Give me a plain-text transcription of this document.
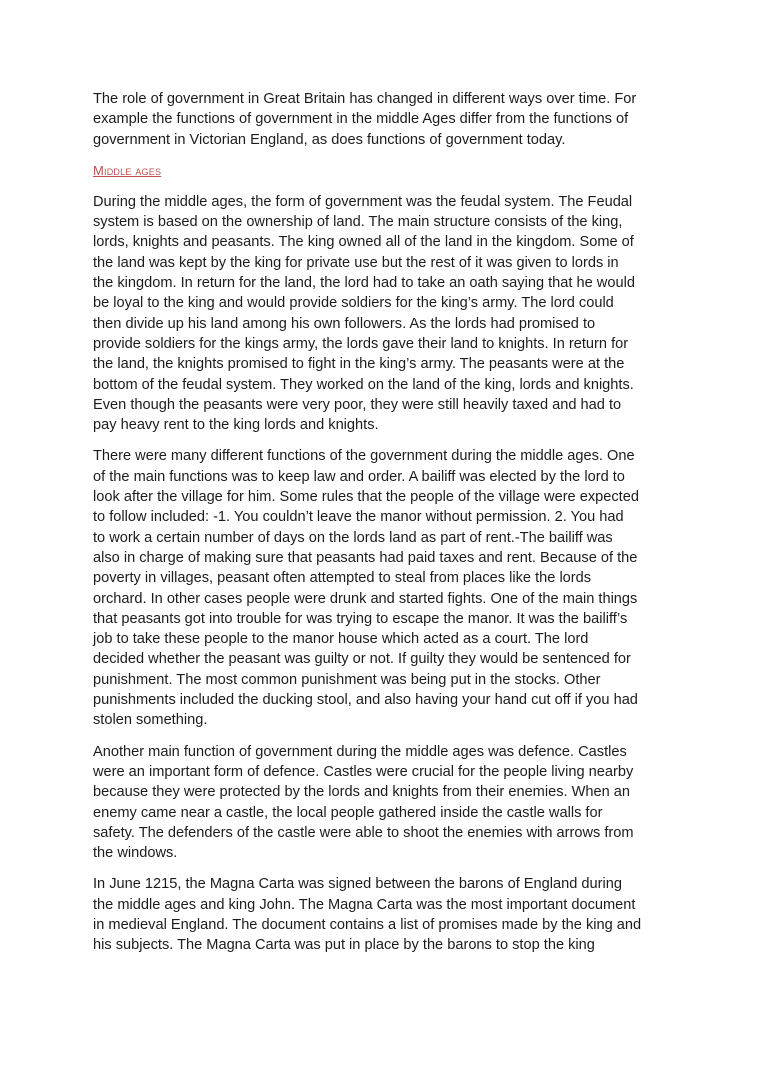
The role of government in Great Britain has changed in different ways over time. For
example the functions of government in the middle Ages differ from the functions of
government in Victorian England, as does functions of government today.

Middle ages

During the middle ages, the form of government was the feudal system. The Feudal
system is based on the ownership of land. The main structure consists of the king,
lords, knights and peasants. The king owned all of the land in the kingdom. Some of
the land was kept by the king for private use but the rest of it was given to lords in
the kingdom. In return for the land, the lord had to take an oath saying that he would
be loyal to the king and would provide soldiers for the king’s army. The lord could
then divide up his land among his own followers. As the lords had promised to
provide soldiers for the kings army, the lords gave their land to knights. In return for
the land, the knights promised to fight in the king’s army. The peasants were at the
bottom of the feudal system. They worked on the land of the king, lords and knights.
Even though the peasants were very poor, they were still heavily taxed and had to
pay heavy rent to the king lords and knights.

There were many different functions of the government during the middle ages. One
of the main functions was to keep law and order. A bailiff was elected by the lord to
look after the village for him. Some rules that the people of the village were expected
to follow included: -1. You couldn’t leave the manor without permission. 2. You had
to work a certain number of days on the lords land as part of rent.-The bailiff was
also in charge of making sure that peasants had paid taxes and rent. Because of the
poverty in villages, peasant often attempted to steal from places like the lords
orchard. In other cases people were drunk and started fights. One of the main things
that peasants got into trouble for was trying to escape the manor. It was the bailiff’s
job to take these people to the manor house which acted as a court. The lord
decided whether the peasant was guilty or not. If guilty they would be sentenced for
punishment. The most common punishment was being put in the stocks. Other
punishments included the ducking stool, and also having your hand cut off if you had
stolen something.

Another main function of government during the middle ages was defence. Castles
were an important form of defence. Castles were crucial for the people living nearby
because they were protected by the lords and knights from their enemies. When an
enemy came near a castle, the local people gathered inside the castle walls for
safety. The defenders of the castle were able to shoot the enemies with arrows from
the windows.

In June 1215, the Magna Carta was signed between the barons of England during
the middle ages and king John. The Magna Carta was the most important document
in medieval England. The document contains a list of promises made by the king and
his subjects. The Magna Carta was put in place by the barons to stop the king
